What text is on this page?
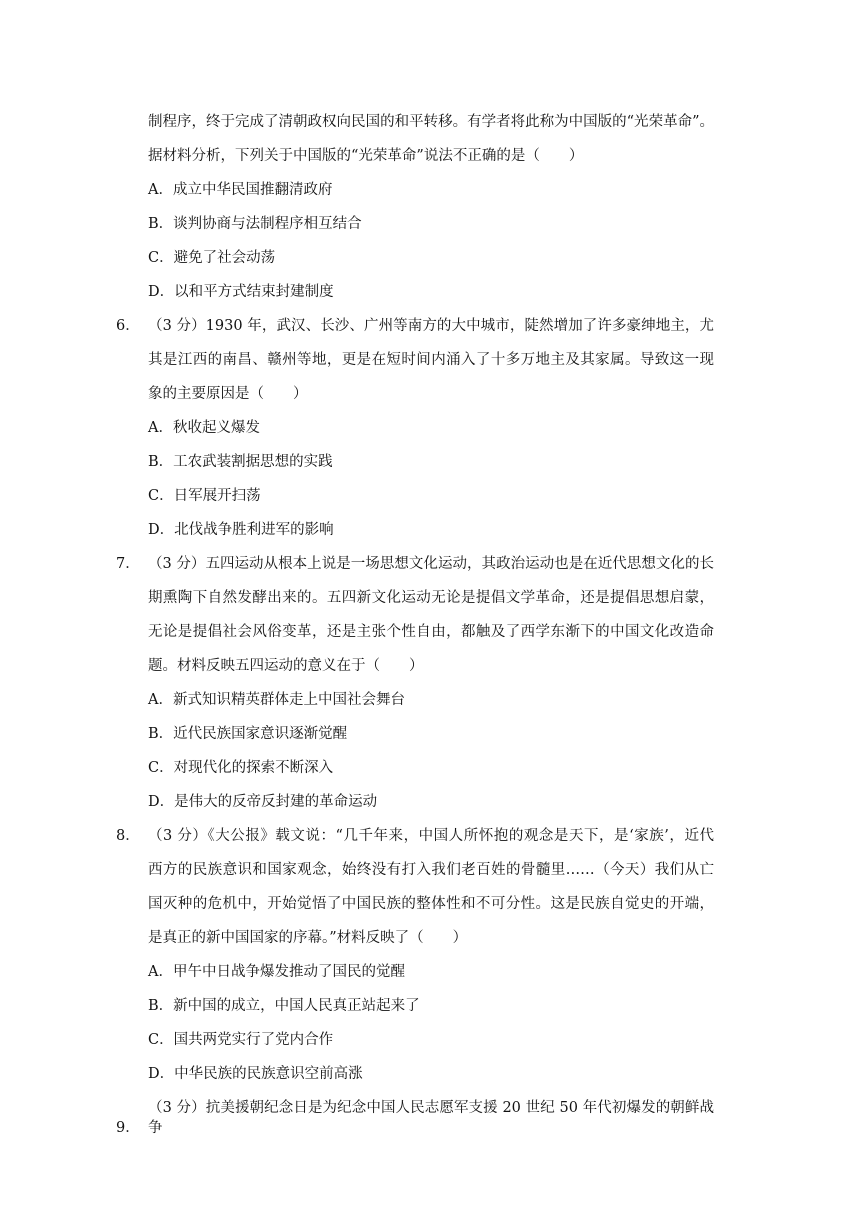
制程序，终于完成了清朝政权向民国的和平转移。有学者将此称为中国版的“光荣革命”。
据材料分析，下列关于中国版的“光荣革命”说法不正确的是（　　）
A．成立中华民国推翻清政府
B．谈判协商与法制程序相互结合
C．避免了社会动荡
D．以和平方式结束封建制度
6． （3 分）1930 年，武汉、长沙、广州等南方的大中城市，陡然增加了许多豪绅地主，尤
其是江西的南昌、赣州等地，更是在短时间内涌入了十多万地主及其家属。导致这一现
象的主要原因是（　　）
A．秋收起义爆发
B．工农武装割据思想的实践
C．日军展开扫荡
D．北伐战争胜利进军的影响
7． （3 分）五四运动从根本上说是一场思想文化运动，其政治运动也是在近代思想文化的长
期熏陶下自然发酵出来的。五四新文化运动无论是提倡文学革命，还是提倡思想启蒙，
无论是提倡社会风俗变革，还是主张个性自由，都触及了西学东渐下的中国文化改造命
题。材料反映五四运动的意义在于（　　）
A．新式知识精英群体走上中国社会舞台
B．近代民族国家意识逐渐觉醒
C．对现代化的探索不断深入
D．是伟大的反帝反封建的革命运动
8． （3 分）《大公报》载文说：“几千年来，中国人所怀抱的观念是天下，是‘家族’，近代
西方的民族意识和国家观念，始终没有打入我们老百姓的骨髓里……（今天）我们从亡
国灭种的危机中，开始觉悟了中国民族的整体性和不可分性。这是民族自觉史的开端，
是真正的新中国国家的序幕。”材料反映了（　　）
A．甲午中日战争爆发推动了国民的觉醒
B．新中国的成立，中国人民真正站起来了
C．国共两党实行了党内合作
D．中华民族的民族意识空前高涨
9．（3 分）抗美援朝纪念日是为纪念中国人民志愿军支援 20 世纪 50 年代初爆发的朝鲜战争
